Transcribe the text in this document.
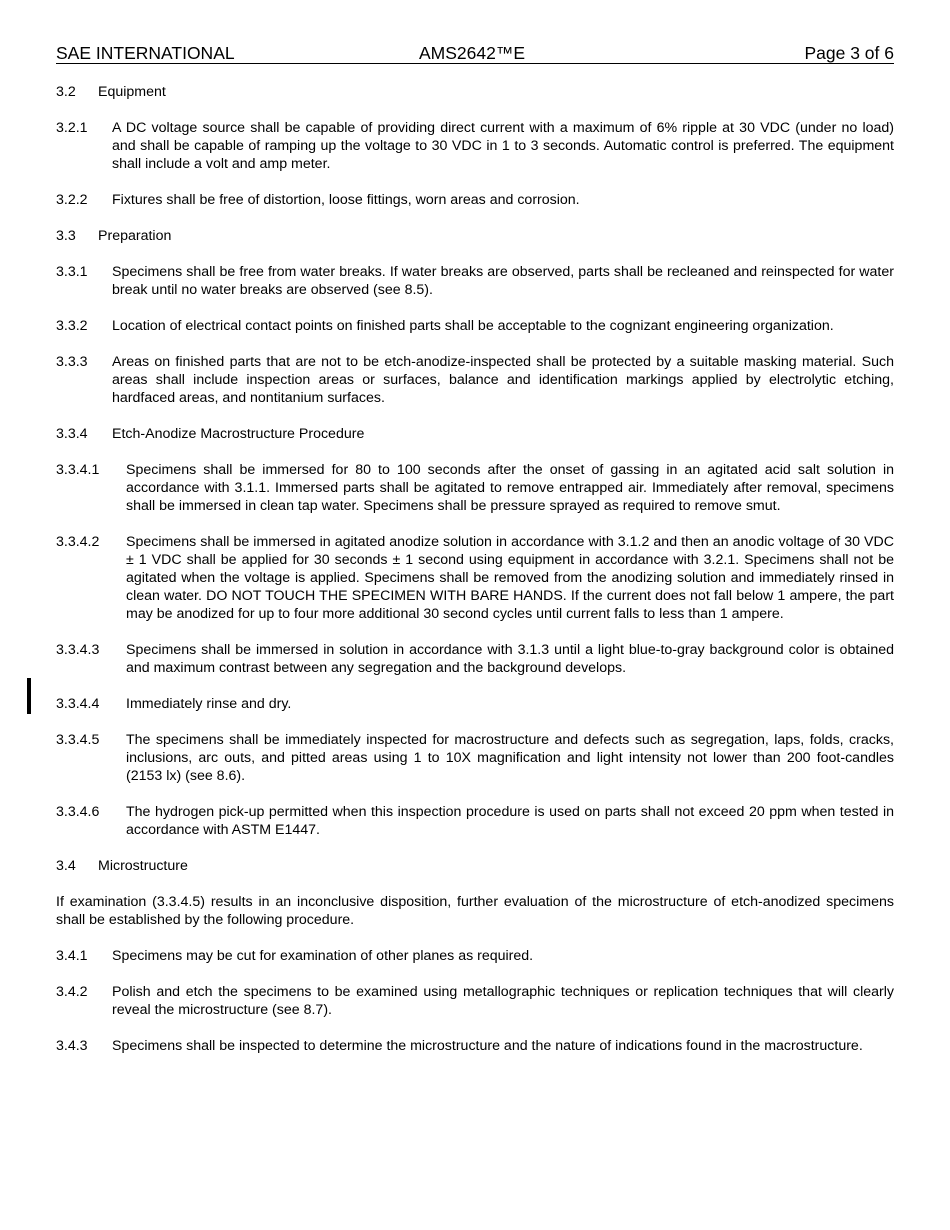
SAE INTERNATIONAL	AMS2642™E	Page 3 of 6
3.2	Equipment
3.2.1	A DC voltage source shall be capable of providing direct current with a maximum of 6% ripple at 30 VDC (under no load) and shall be capable of ramping up the voltage to 30 VDC in 1 to 3 seconds. Automatic control is preferred. The equipment shall include a volt and amp meter.
3.2.2	Fixtures shall be free of distortion, loose fittings, worn areas and corrosion.
3.3	Preparation
3.3.1	Specimens shall be free from water breaks. If water breaks are observed, parts shall be recleaned and reinspected for water break until no water breaks are observed (see 8.5).
3.3.2	Location of electrical contact points on finished parts shall be acceptable to the cognizant engineering organization.
3.3.3	Areas on finished parts that are not to be etch-anodize-inspected shall be protected by a suitable masking material. Such areas shall include inspection areas or surfaces, balance and identification markings applied by electrolytic etching, hardfaced areas, and nontitanium surfaces.
3.3.4	Etch-Anodize Macrostructure Procedure
3.3.4.1	Specimens shall be immersed for 80 to 100 seconds after the onset of gassing in an agitated acid salt solution in accordance with 3.1.1. Immersed parts shall be agitated to remove entrapped air. Immediately after removal, specimens shall be immersed in clean tap water. Specimens shall be pressure sprayed as required to remove smut.
3.3.4.2	Specimens shall be immersed in agitated anodize solution in accordance with 3.1.2 and then an anodic voltage of 30 VDC ± 1 VDC shall be applied for 30 seconds ± 1 second using equipment in accordance with 3.2.1. Specimens shall not be agitated when the voltage is applied. Specimens shall be removed from the anodizing solution and immediately rinsed in clean water. DO NOT TOUCH THE SPECIMEN WITH BARE HANDS. If the current does not fall below 1 ampere, the part may be anodized for up to four more additional 30 second cycles until current falls to less than 1 ampere.
3.3.4.3	Specimens shall be immersed in solution in accordance with 3.1.3 until a light blue-to-gray background color is obtained and maximum contrast between any segregation and the background develops.
3.3.4.4	Immediately rinse and dry.
3.3.4.5	The specimens shall be immediately inspected for macrostructure and defects such as segregation, laps, folds, cracks, inclusions, arc outs, and pitted areas using 1 to 10X magnification and light intensity not lower than 200 foot-candles (2153 lx) (see 8.6).
3.3.4.6	The hydrogen pick-up permitted when this inspection procedure is used on parts shall not exceed 20 ppm when tested in accordance with ASTM E1447.
3.4	Microstructure
If examination (3.3.4.5) results in an inconclusive disposition, further evaluation of the microstructure of etch-anodized specimens shall be established by the following procedure.
3.4.1	Specimens may be cut for examination of other planes as required.
3.4.2	Polish and etch the specimens to be examined using metallographic techniques or replication techniques that will clearly reveal the microstructure (see 8.7).
3.4.3	Specimens shall be inspected to determine the microstructure and the nature of indications found in the macrostructure.
